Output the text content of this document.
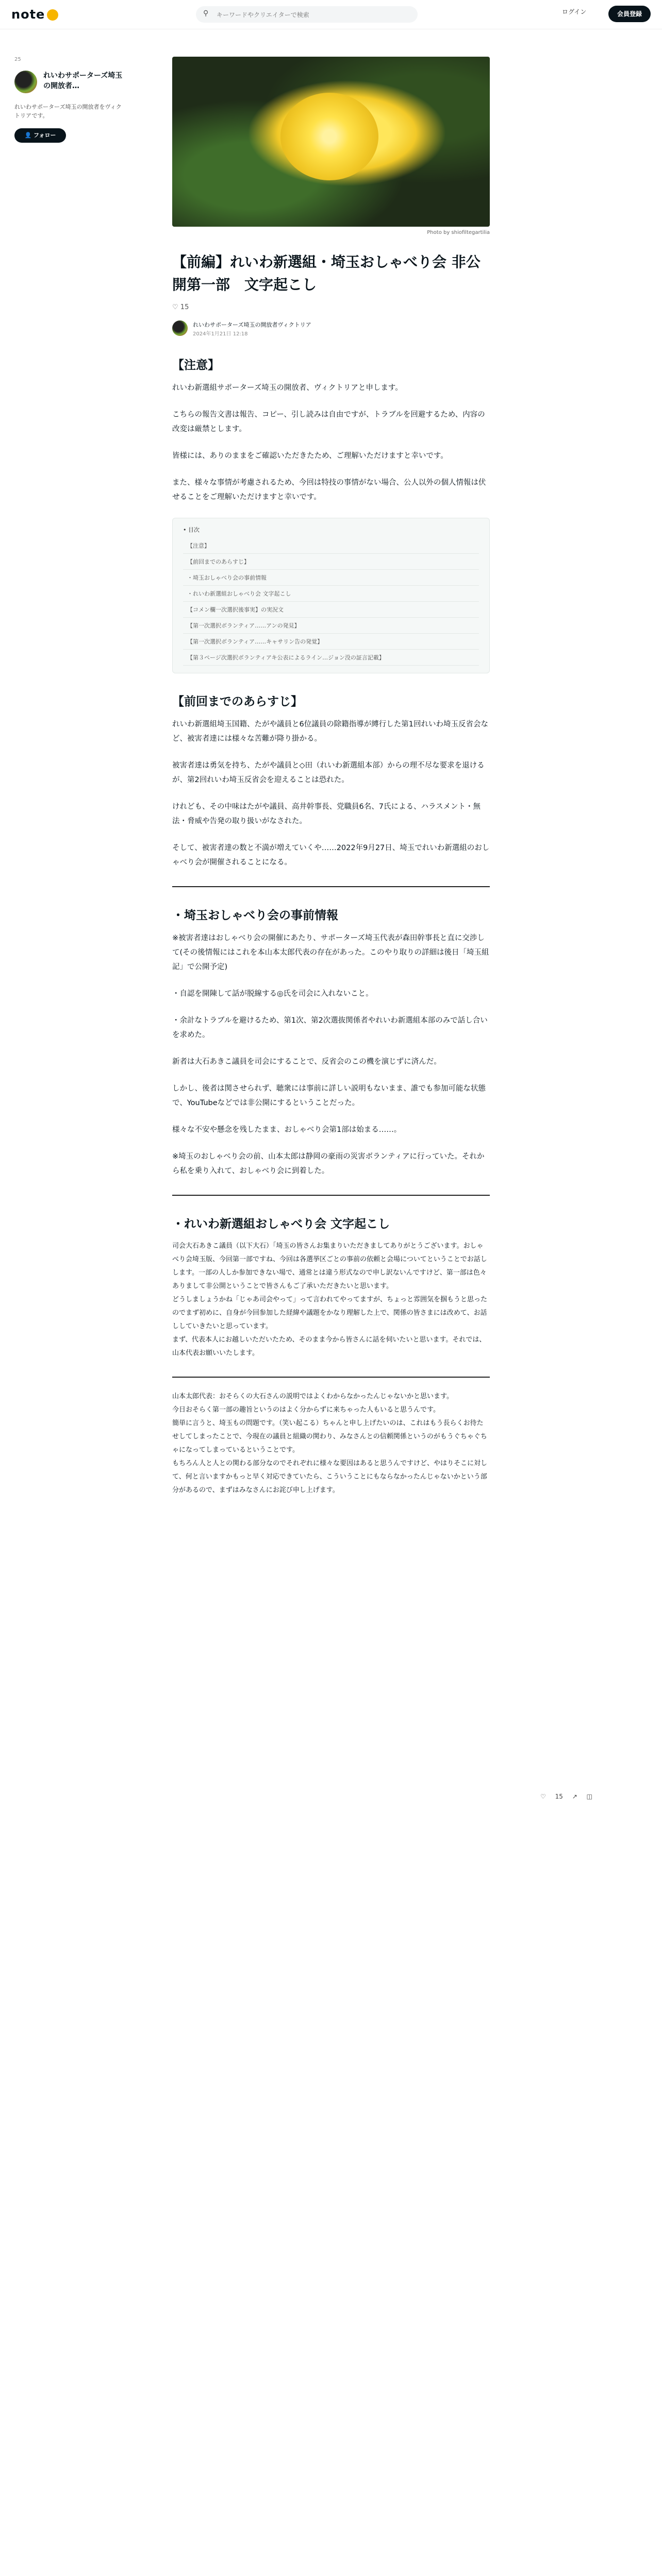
note	⚲
キーワードやクリエイターで検索	ログイン	会員登録
25
れいわサポーターズ埼玉の開放者…
れいわサポーターズ埼玉の開放者をヴィクトリアです。
👤 フォロー
Photo by shiofiltegartilia
【前編】れいわ新選組・埼玉おしゃべり会 非公開第一部　文字起こし
♡ 15
れいわサポーターズ埼玉の開放者ヴィクトリア
2024年1月21日 12:18
【注意】

れいわ新選組サポーターズ埼玉の開放者、ヴィクトリアと申します。

こちらの報告文書は報告、コピー、引し読みは自由ですが、トラブルを回避するため、内容の改変は厳禁とします。

皆様には、ありのままをご確認いただきたため、ご理解いただけますと幸いです。

また、様々な事情が考慮されるため、今回は特技の事情がない場合、公人以外の個人情報は伏せることをご理解いただけますと幸いです。

• 目次
【注意】
【前回までのあらすじ】
・埼玉おしゃべり会の事前情報
・れいわ新選組おしゃべり会 文字起こし
【コメン欄一次選択後事実】の実況文
【第一次選択ボランティア……アンの発見】
【第一次選択ボランティア……キャサリン告の発覚】
【第３ページ次選択ボランティアキ公表によるライン…ジョン没の証言記載】
【前回までのあらすじ】

れいわ新選組埼玉国籍、たがや議員と6位議員の除籍指導が縛行した第1回れいわ埼玉反省会など、被害者達には様々な苦難が降り掛かる。

被害者達は勇気を持ち、たがや議員と◇田（れいわ新選組本部）からの理不尽な要求を退けるが、第2回れいわ埼玉反省会を迎えることは恐れた。

けれども、その中味はたがや議員、高井幹事長、党職員6名、7氏による、ハラスメント・無法・脅威や告発の取り扱いがなされた。

そして、被害者達の数と不満が増えていくや……2022年9月27日、埼玉でれいわ新選組のおしゃべり会が開催されることになる。

・埼玉おしゃべり会の事前情報

※被害者達はおしゃべり会の開催にあたり、サポーターズ埼玉代表が森田幹事長と直に交渉して(その後情報にはこれを本山本太郎代表の存在があった。このやり取りの詳細は後日「埼玉組記」で公開予定)

・自認を開陳して話が脱線する◎氏を司会に入れないこと。

・余計なトラブルを避けるため、第1次、第2次選抜関係者やれいわ新選組本部のみで話し合いを求めた。

新者は大石あきこ議員を司会にすることで、反省会のこの機を演じずに済んだ。

しかし、後者は関させられず、聴衆には事前に詳しい説明もないまま、誰でも参加可能な状態で、YouTubeなどでは非公開にするということだった。

様々な不安や懸念を残したまま、おしゃべり会第1部は始まる……。

※埼玉のおしゃべり会の前、山本太郎は静岡の豪雨の災害ボランティアに行っていた。それから私を乗り入れて、おしゃべり会に到着した。

・れいわ新選組おしゃべり会 文字起こし
司会大石あきこ議員（以下大石）「埼玉の皆さんお集まりいただきましてありがとうございます。おしゃべり会埼玉版、今回第一部ですね、今回は各選挙区ごとの事前の依頼と会場についてということでお話しします。一部の人しか参加できない場で、通常とは違う形式なので申し訳ないんですけど、第一部は色々ありまして非公開ということで皆さんもご了承いただきたいと思います。
どうしましょうかね「じゃあ司会やって」って言われてやってますが、ちょっと雰囲気を掴もうと思ったのでまず初めに、自身が今回参加した経緯や議題をかなり理解した上で、関係の皆さまには改めて、お話ししていきたいと思っています。
まず、代表本人にお越しいただいたため、そのまま今から皆さんに話を伺いたいと思います。それでは、山本代表お願いいたします。
山本太郎代表：おそらくの大石さんの説明ではよくわからなかったんじゃないかと思います。
今日おそらく第一部の趣旨というのはよく分からずに来ちゃった人もいると思うんです。
簡単に言うと、埼玉もの問題です。（笑い起こる）ちゃんと申し上げたいのは、これはもう長らくお待たせしてしまったことで、今現在の議員と組織の関わり、みなさんとの信頼関係というのがもうぐちゃぐちゃになってしまっているということです。
もちろん人と人との関わる部分なのでそれぞれに様々な要因はあると思うんですけど、やはりそこに対して、何と言いますかもっと早く対応できていたら、こういうことにもならなかったんじゃないかという部分があるので、まずはみなさんにお詫び申し上げます。
♡ 15 ↗ ◫
